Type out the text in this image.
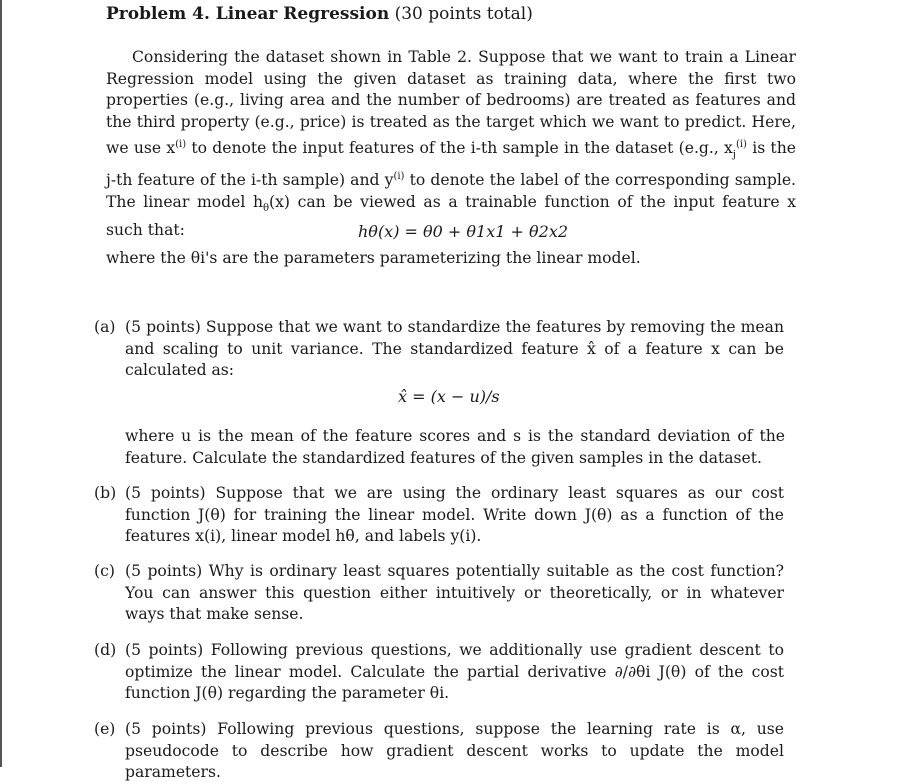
Problem 4. Linear Regression (30 points total)
Considering the dataset shown in Table 2. Suppose that we want to train a Linear Regression model using the given dataset as training data, where the first two properties (e.g., living area and the number of bedrooms) are treated as features and the third property (e.g., price) is treated as the target which we want to predict. Here, we use $x^{(i)}$ to denote the input features of the i-th sample in the dataset (e.g., $x_j^{(i)}$ is the j-th feature of the i-th sample) and $y^{(i)}$ to denote the label of the corresponding sample. The linear model $h_\theta(x)$ can be viewed as a trainable function of the input feature x such that:	hθ(x) = θ0 + θ1x1 + θ2x2
where the θi's are the parameters parameterizing the linear model.
(a) (5 points) Suppose that we want to standardize the features by removing the mean and scaling to unit variance. The standardized feature x̂ of a feature x can be calculated as:
x̂ = (x − u)/s
where u is the mean of the feature scores and s is the standard deviation of the feature. Calculate the standardized features of the given samples in the dataset.
(b) (5 points) Suppose that we are using the ordinary least squares as our cost function J(θ) for training the linear model. Write down J(θ) as a function of the features x(i), linear model hθ, and labels y(i).
(c) (5 points) Why is ordinary least squares potentially suitable as the cost function? You can answer this question either intuitively or theoretically, or in whatever ways that make sense.
(d) (5 points) Following previous questions, we additionally use gradient descent to optimize the linear model. Calculate the partial derivative ∂/∂θi J(θ) of the cost function J(θ) regarding the parameter θi.
(e) (5 points) Following previous questions, suppose the learning rate is α, use pseudocode to describe how gradient descent works to update the model parameters.
